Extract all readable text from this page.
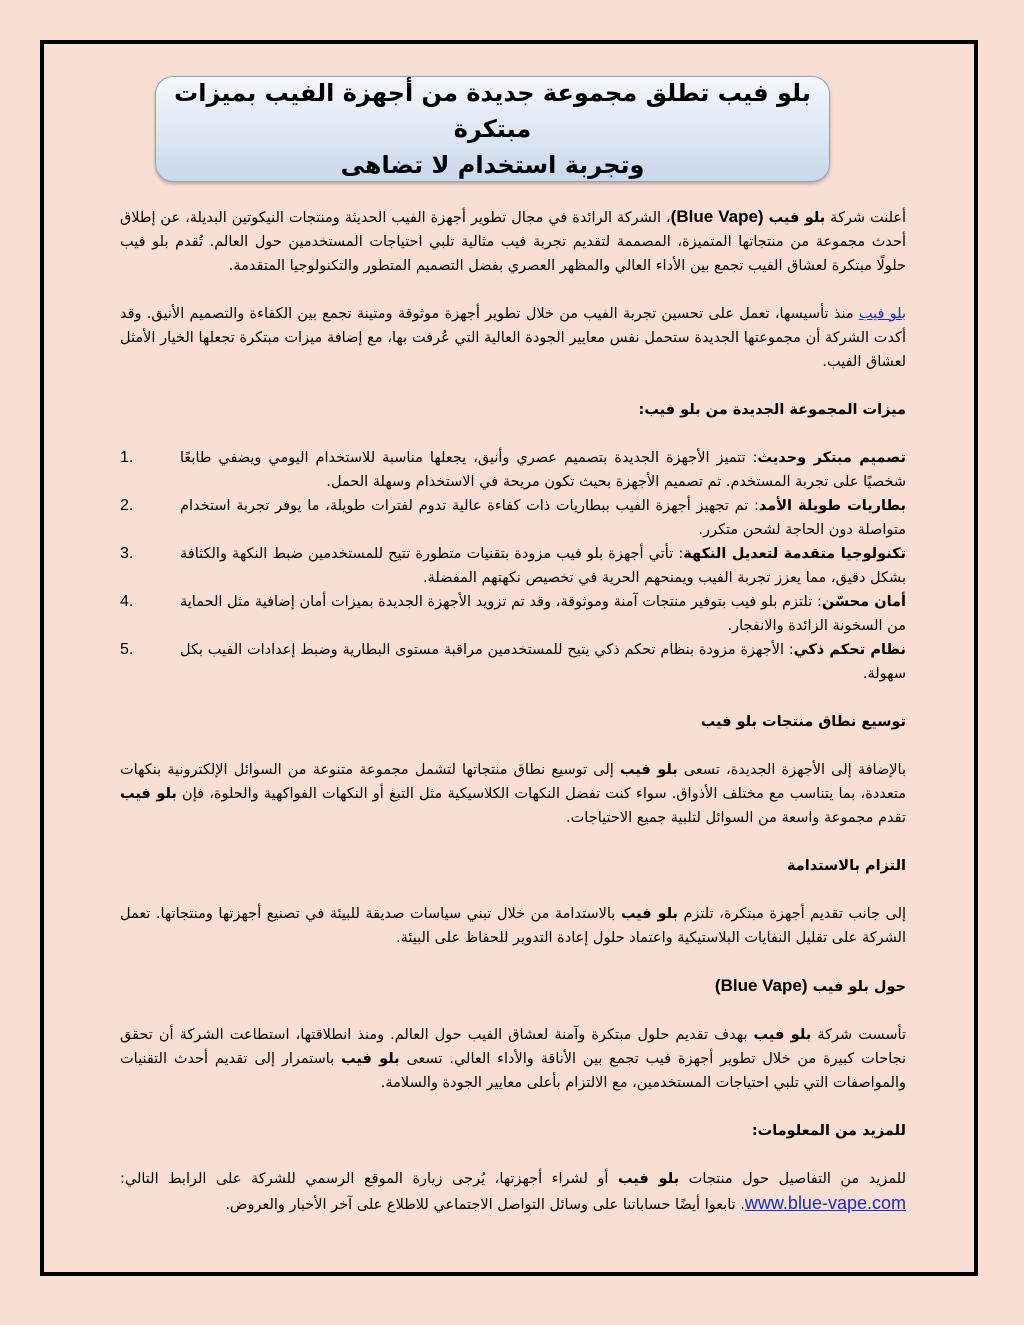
بلو فيب تطلق مجموعة جديدة من أجهزة الفيب بميزات مبتكرة
وتجربة استخدام لا تضاهى

أعلنت شركة بلو فيب (Blue Vape)، الشركة الرائدة في مجال تطوير أجهزة الفيب الحديثة ومنتجات النيكوتين البديلة، عن إطلاق أحدث مجموعة من منتجاتها المتميزة، المصممة لتقديم تجربة فيب مثالية تلبي احتياجات المستخدمين حول العالم. تُقدم بلو فيب حلولًا مبتكرة لعشاق الفيب تجمع بين الأداء العالي والمظهر العصري بفضل التصميم المتطور والتكنولوجيا المتقدمة.

بلو فيب منذ تأسيسها، تعمل على تحسين تجربة الفيب من خلال تطوير أجهزة موثوقة ومتينة تجمع بين الكفاءة والتصميم الأنيق. وقد أكدت الشركة أن مجموعتها الجديدة ستحمل نفس معايير الجودة العالية التي عُرفت بها، مع إضافة ميزات مبتكرة تجعلها الخيار الأمثل لعشاق الفيب.

ميزات المجموعة الجديدة من بلو فيب:

1.	تصميم مبتكر وحديث: تتميز الأجهزة الجديدة بتصميم عصري وأنيق، يجعلها مناسبة للاستخدام اليومي ويضفي طابعًا شخصيًا على تجربة المستخدم. تم تصميم الأجهزة بحيث تكون مريحة في الاستخدام وسهلة الحمل.
2.	بطاريات طويلة الأمد: تم تجهيز أجهزة الفيب ببطاريات ذات كفاءة عالية تدوم لفترات طويلة، ما يوفر تجربة استخدام متواصلة دون الحاجة لشحن متكرر.
3.	تكنولوجيا متقدمة لتعديل النكهة: تأتي أجهزة بلو فيب مزودة بتقنيات متطورة تتيح للمستخدمين ضبط النكهة والكثافة بشكل دقيق، مما يعزز تجربة الفيب ويمنحهم الحرية في تخصيص نكهتهم المفضلة.
4.	أمان محسّن: تلتزم بلو فيب بتوفير منتجات آمنة وموثوقة، وقد تم تزويد الأجهزة الجديدة بميزات أمان إضافية مثل الحماية من السخونة الزائدة والانفجار.
5.	نظام تحكم ذكي: الأجهزة مزودة بنظام تحكم ذكي يتيح للمستخدمين مراقبة مستوى البطارية وضبط إعدادات الفيب بكل سهولة.

توسيع نطاق منتجات بلو فيب

بالإضافة إلى الأجهزة الجديدة، تسعى بلو فيب إلى توسيع نطاق منتجاتها لتشمل مجموعة متنوعة من السوائل الإلكترونية بنكهات متعددة، بما يتناسب مع مختلف الأذواق. سواء كنت تفضل النكهات الكلاسيكية مثل التبغ أو النكهات الفواكهية والحلوة، فإن بلو فيب تقدم مجموعة واسعة من السوائل لتلبية جميع الاحتياجات.

التزام بالاستدامة

إلى جانب تقديم أجهزة مبتكرة، تلتزم بلو فيب بالاستدامة من خلال تبني سياسات صديقة للبيئة في تصنيع أجهزتها ومنتجاتها. تعمل الشركة على تقليل النفايات البلاستيكية واعتماد حلول إعادة التدوير للحفاظ على البيئة.

حول بلو فيب (Blue Vape)

تأسست شركة بلو فيب بهدف تقديم حلول مبتكرة وآمنة لعشاق الفيب حول العالم. ومنذ انطلاقتها، استطاعت الشركة أن تحقق نجاحات كبيرة من خلال تطوير أجهزة فيب تجمع بين الأناقة والأداء العالي. تسعى بلو فيب باستمرار إلى تقديم أحدث التقنيات والمواصفات التي تلبي احتياجات المستخدمين، مع الالتزام بأعلى معايير الجودة والسلامة.

للمزيد من المعلومات:

للمزيد من التفاصيل حول منتجات بلو فيب أو لشراء أجهزتها، يُرجى زيارة الموقع الرسمي للشركة على الرابط التالي: www.blue-vape.com. تابعوا أيضًا حساباتنا على وسائل التواصل الاجتماعي للاطلاع على آخر الأخبار والعروض.
